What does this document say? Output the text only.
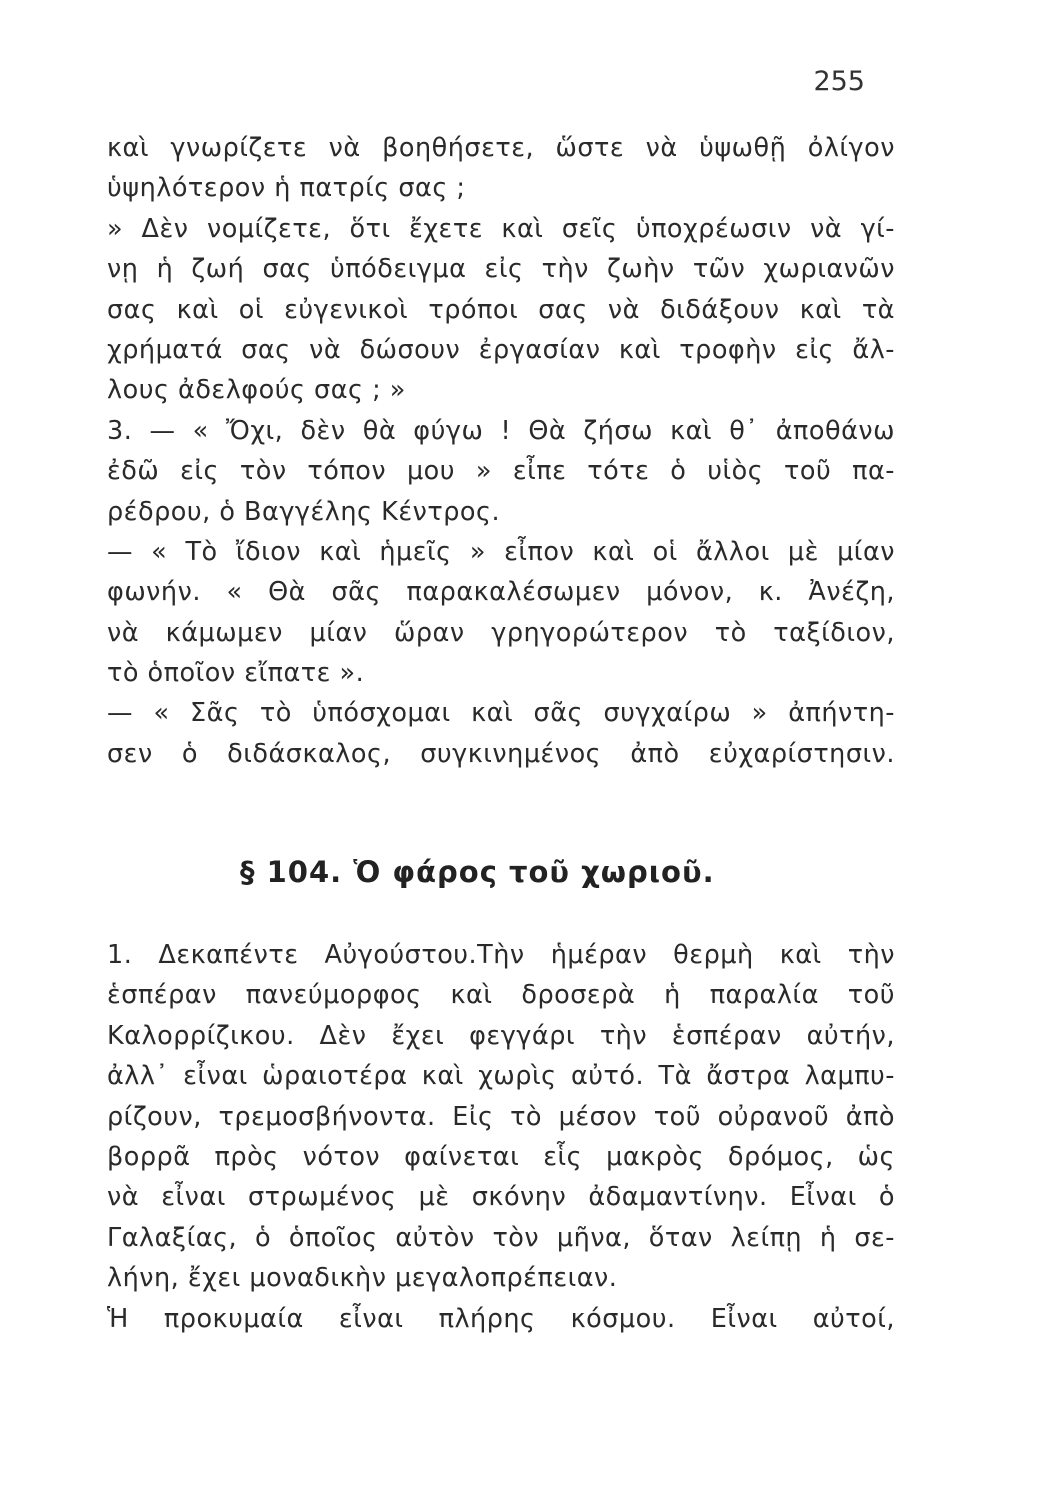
255
καὶ γνωρίζετε νὰ βοηθήσετε, ὥστε νὰ ὑψωθῇ ὀλίγον
ὑψηλότερον ἡ πατρίς σας ;
» Δὲν νομίζετε, ὅτι ἔχετε καὶ σεῖς ὑποχρέωσιν νὰ γί-
νῃ ἡ ζωή σας ὑπόδειγμα εἰς τὴν ζωὴν τῶν χωριανῶν
σας καὶ οἱ εὐγενικοὶ τρόποι σας νὰ διδάξουν καὶ τὰ
χρήματά σας νὰ δώσουν ἐργασίαν καὶ τροφὴν εἰς ἄλ-
λους ἀδελφούς σας ; »
3. — « Ὄχι, δὲν θὰ φύγω ! Θὰ ζήσω καὶ θ᾽ ἀποθάνω
ἐδῶ εἰς τὸν τόπον μου » εἶπε τότε ὁ υἱὸς τοῦ πα-
ρέδρου, ὁ Βαγγέλης Κέντρος.
— « Τὸ ἴδιον καὶ ἡμεῖς » εἶπον καὶ οἱ ἄλλοι μὲ μίαν
φωνήν. « Θὰ σᾶς παρακαλέσωμεν μόνον, κ. Ἀνέζη,
νὰ κάμωμεν μίαν ὥραν γρηγορώτερον τὸ ταξίδιον,
τὸ ὁποῖον εἴπατε ».
— « Σᾶς τὸ ὑπόσχομαι καὶ σᾶς συγχαίρω » ἀπήντη-
σεν ὁ διδάσκαλος, συγκινημένος ἀπὸ εὐχαρίστησιν.
§ 104. Ὁ φάρος τοῦ χωριοῦ.
1. Δεκαπέντε Αὐγούστου.Τὴν ἡμέραν θερμὴ καὶ τὴν
ἑσπέραν πανεύμορφος καὶ δροσερὰ ἡ παραλία τοῦ
Καλορρίζικου. Δὲν ἔχει φεγγάρι τὴν ἑσπέραν αὐτήν,
ἀλλ᾽ εἶναι ὡραιοτέρα καὶ χωρὶς αὐτό. Τὰ ἄστρα λαμπυ-
ρίζουν, τρεμοσβήνοντα. Εἰς τὸ μέσον τοῦ οὐρανοῦ ἀπὸ
βορρᾶ πρὸς νότον φαίνεται εἷς μακρὸς δρόμος, ὡς
νὰ εἶναι στρωμένος μὲ σκόνην ἀδαμαντίνην. Εἶναι ὁ
Γαλαξίας, ὁ ὁποῖος αὐτὸν τὸν μῆνα, ὅταν λείπῃ ἡ σε-
λήνη, ἔχει μοναδικὴν μεγαλοπρέπειαν.
Ἡ προκυμαία εἶναι πλήρης κόσμου. Εἶναι αὐτοί,
